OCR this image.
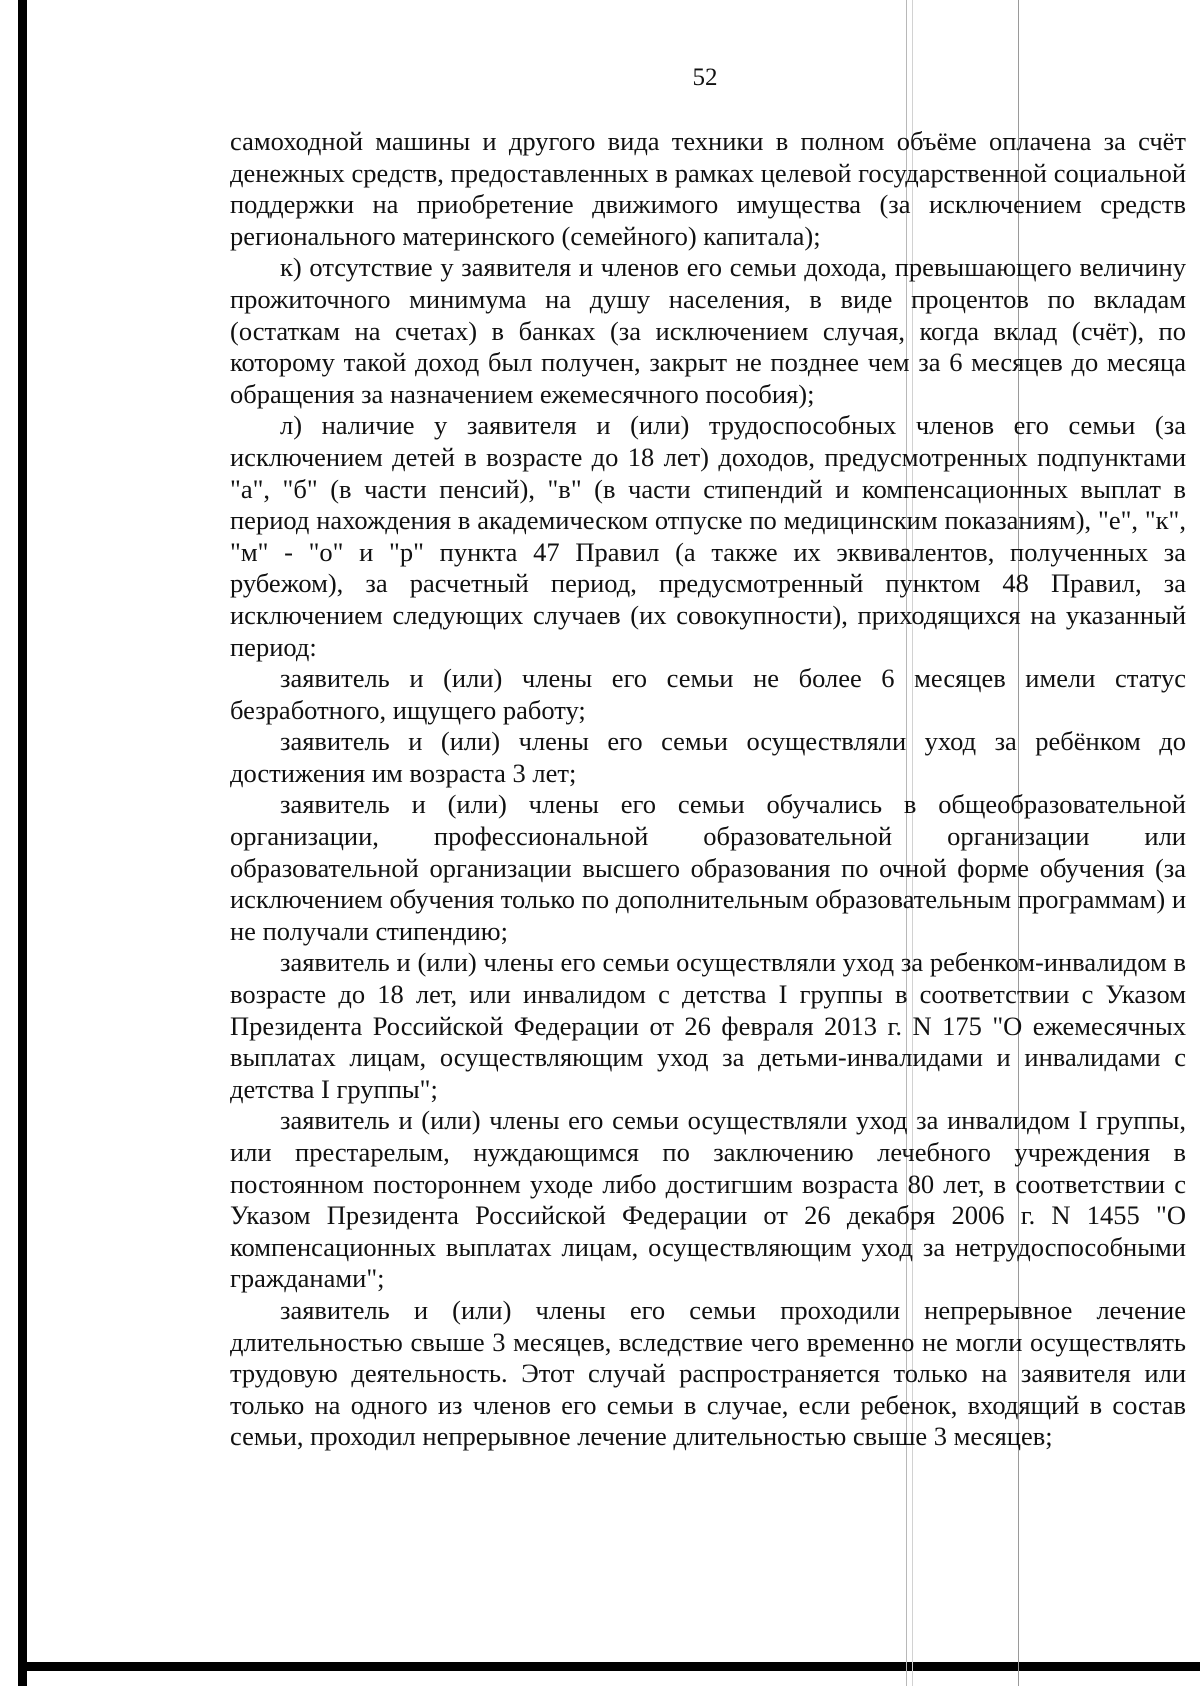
52

самоходной машины и другого вида техники в полном объёме оплачена за счёт денежных средств, предоставленных в рамках целевой государственной социальной поддержки на приобретение движимого имущества (за исключением средств регионального материнского (семейного) капитала);

к) отсутствие у заявителя и членов его семьи дохода, превышающего величину прожиточного минимума на душу населения, в виде процентов по вкладам (остаткам на счетах) в банках (за исключением случая, когда вклад (счёт), по которому такой доход был получен, закрыт не позднее чем за 6 месяцев до месяца обращения за назначением ежемесячного пособия);

л) наличие у заявителя и (или) трудоспособных членов его семьи (за исключением детей в возрасте до 18 лет) доходов, предусмотренных подпунктами "а", "б" (в части пенсий), "в" (в части стипендий и компенсационных выплат в период нахождения в академическом отпуске по медицинским показаниям), "е", "к", "м" - "о" и "р" пункта 47 Правил (а также их эквивалентов, полученных за рубежом), за расчетный период, предусмотренный пунктом 48 Правил, за исключением следующих случаев (их совокупности), приходящихся на указанный период:

заявитель и (или) члены его семьи не более 6 месяцев имели статус безработного, ищущего работу;

заявитель и (или) члены его семьи осуществляли уход за ребёнком до достижения им возраста 3 лет;

заявитель и (или) члены его семьи обучались в общеобразовательной организации, профессиональной образовательной организации или образовательной организации высшего образования по очной форме обучения (за исключением обучения только по дополнительным образовательным программам) и не получали стипендию;

заявитель и (или) члены его семьи осуществляли уход за ребенком-инвалидом в возрасте до 18 лет, или инвалидом с детства I группы в соответствии с Указом Президента Российской Федерации от 26 февраля 2013 г. N 175 "О ежемесячных выплатах лицам, осуществляющим уход за детьми-инвалидами и инвалидами с детства I группы";

заявитель и (или) члены его семьи осуществляли уход за инвалидом I группы, или престарелым, нуждающимся по заключению лечебного учреждения в постоянном постороннем уходе либо достигшим возраста 80 лет, в соответствии с Указом Президента Российской Федерации от 26 декабря 2006 г. N 1455 "О компенсационных выплатах лицам, осуществляющим уход за нетрудоспособными гражданами";

заявитель и (или) члены его семьи проходили непрерывное лечение длительностью свыше 3 месяцев, вследствие чего временно не могли осуществлять трудовую деятельность. Этот случай распространяется только на заявителя или только на одного из членов его семьи в случае, если ребенок, входящий в состав семьи, проходил непрерывное лечение длительностью свыше 3 месяцев;
